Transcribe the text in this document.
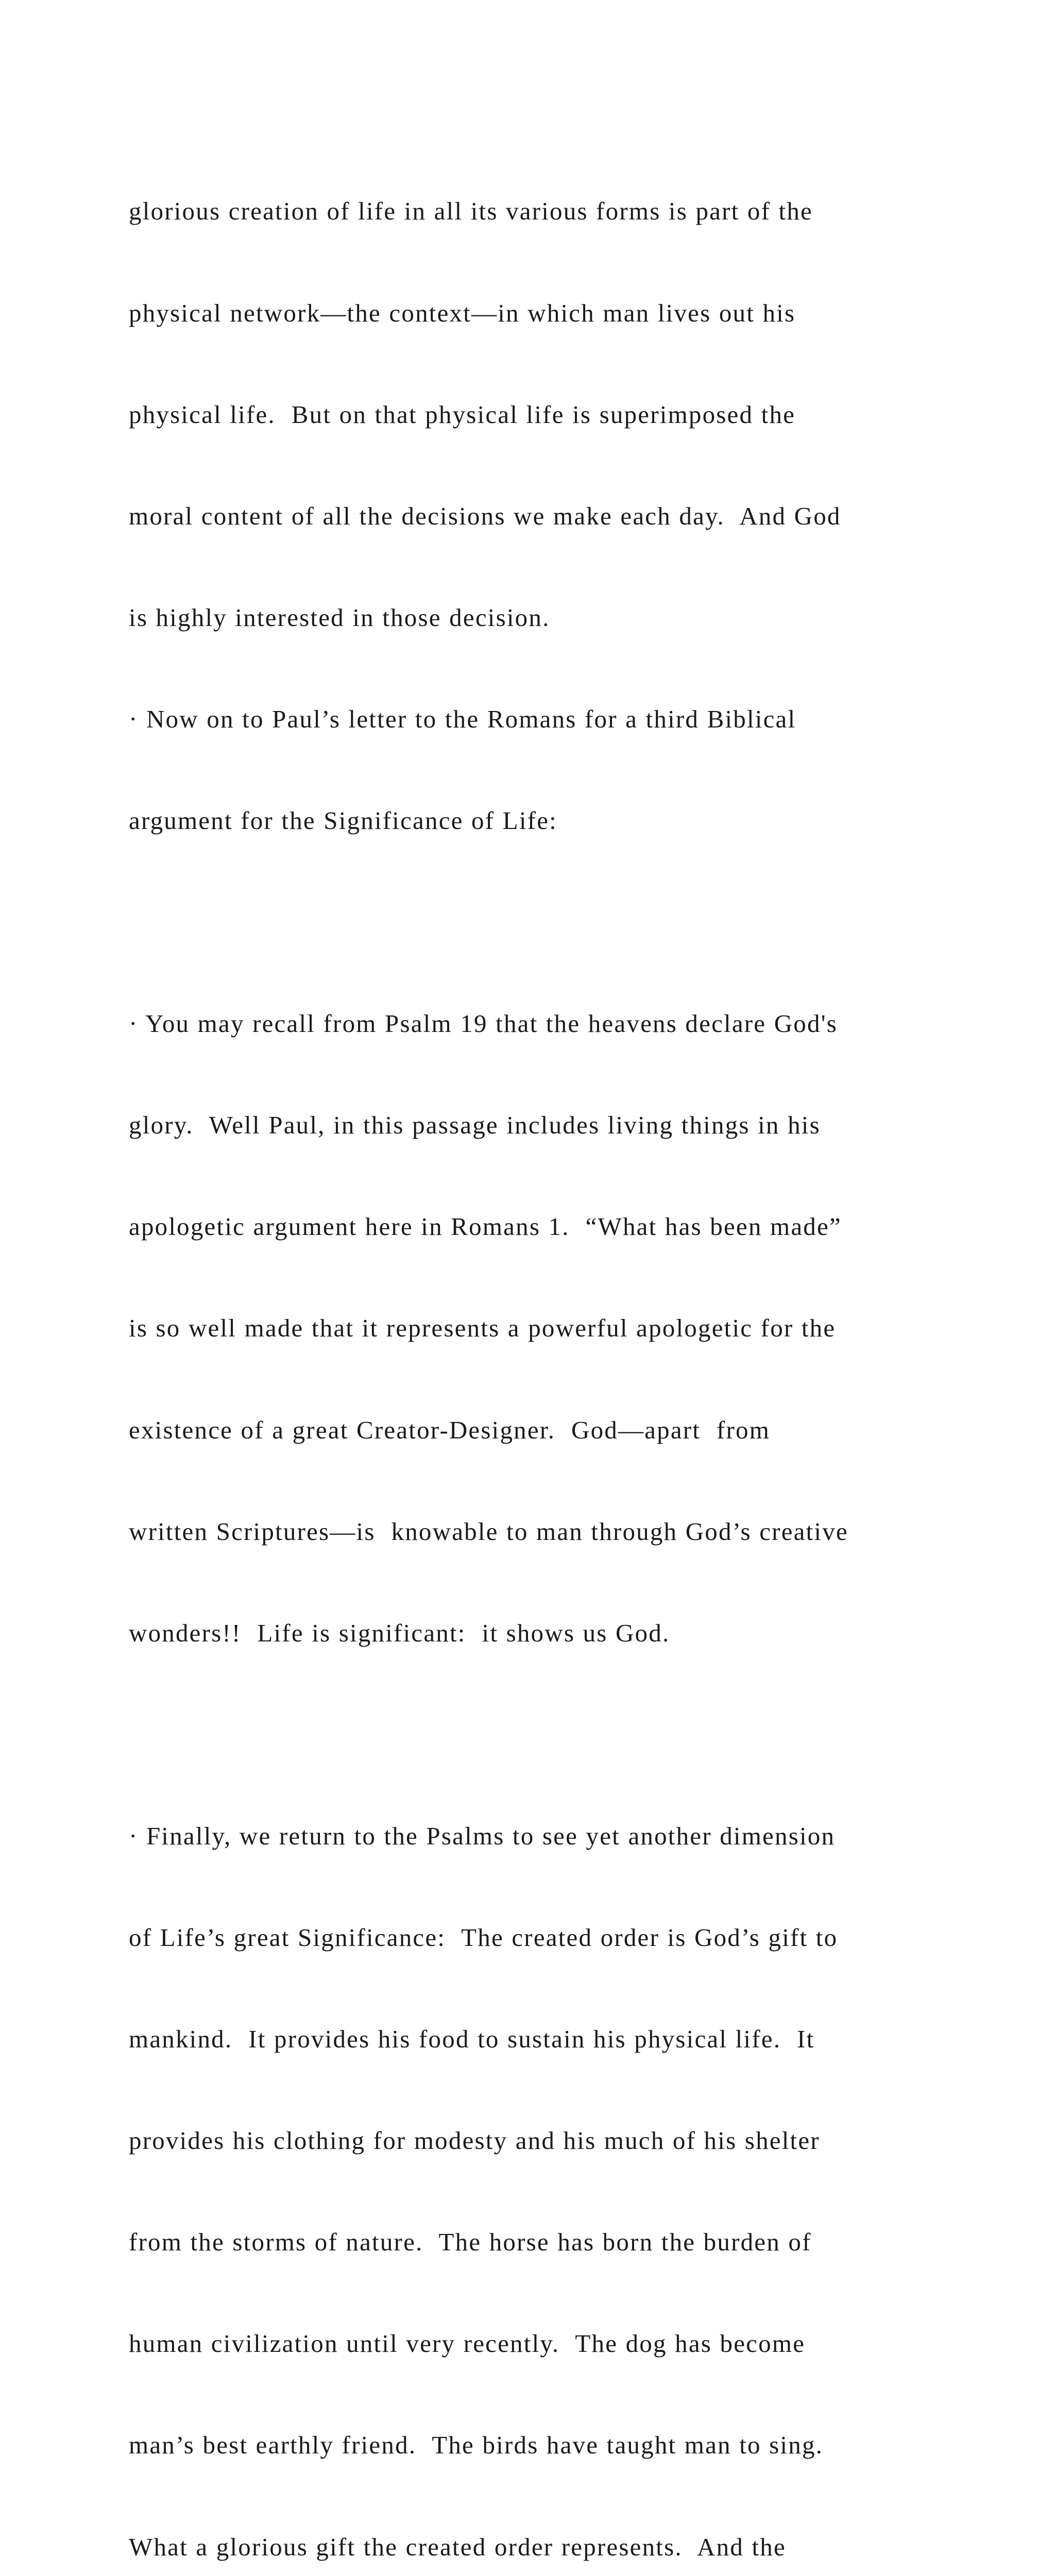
glorious creation of life in all its various forms is part of the

physical network—the context—in which man lives out his

physical life.  But on that physical life is superimposed the

moral content of all the decisions we make each day.  And God

is highly interested in those decision.

· Now on to Paul’s letter to the Romans for a third Biblical

argument for the Significance of Life:

· You may recall from Psalm 19 that the heavens declare God's

glory.  Well Paul, in this passage includes living things in his

apologetic argument here in Romans 1.  “What has been made”

is so well made that it represents a powerful apologetic for the

existence of a great Creator-Designer.  God—apart  from

written Scriptures—is  knowable to man through God’s creative

wonders!!  Life is significant:  it shows us God.

· Finally, we return to the Psalms to see yet another dimension

of Life’s great Significance:  The created order is God’s gift to

mankind.  It provides his food to sustain his physical life.  It

provides his clothing for modesty and his much of his shelter

from the storms of nature.  The horse has born the burden of

human civilization until very recently.  The dog has become

man’s best earthly friend.  The birds have taught man to sing.

What a glorious gift the created order represents.  And the
